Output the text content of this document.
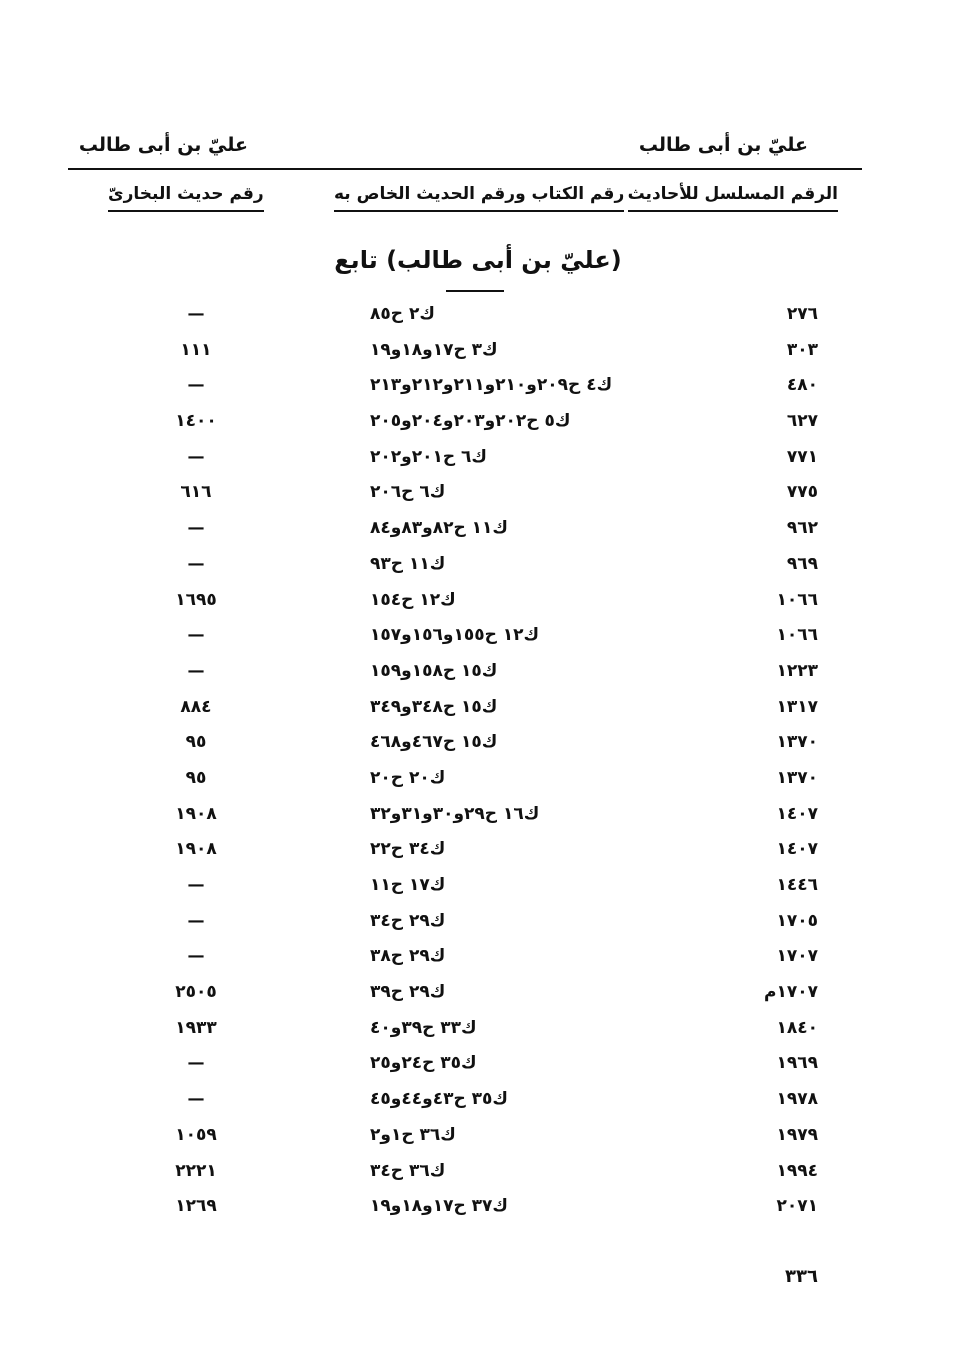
عليّ بن أبى طالب
عليّ بن أبى طالب
الرقم المسلسل للأحاديث
رقم الكتاب ورقم الحديث الخاص به
رقم حديث البخارىّ
(عليّ بن أبى طالب) تابع
٢٧٦
ك٢ ح٨٥
—
٣٠٣
ك٣ ح١٧و١٨و١٩
١١١
٤٨٠
ك٤ ح٢٠٩و٢١٠و٢١١و٢١٢و٢١٣
—
٦٢٧
ك٥ ح٢٠٢و٢٠٣و٢٠٤و٢٠٥
١٤٠٠
٧٧١
ك٦ ح٢٠١و٢٠٢
—
٧٧٥
ك٦ ح٢٠٦
٦١٦
٩٦٢
ك١١ ح٨٢و٨٣و٨٤
—
٩٦٩
ك١١ ح٩٣
—
١٠٦٦
ك١٢ ح١٥٤
١٦٩٥
١٠٦٦
ك١٢ ح١٥٥و١٥٦و١٥٧
—
١٢٢٣
ك١٥ ح١٥٨و١٥٩
—
١٣١٧
ك١٥ ح٣٤٨و٣٤٩
٨٨٤
١٣٧٠
ك١٥ ح٤٦٧و٤٦٨
٩٥
١٣٧٠
ك٢٠ ح٢٠
٩٥
١٤٠٧
ك١٦ ح٢٩و٣٠و٣١و٣٢
١٩٠٨
١٤٠٧
ك٣٤ ح٢٢
١٩٠٨
١٤٤٦
ك١٧ ح١١
—
١٧٠٥
ك٢٩ ح٣٤
—
١٧٠٧
ك٢٩ ح٣٨
—
١٧٠٧م
ك٢٩ ح٣٩
٢٥٠٥
١٨٤٠
ك٣٣ ح٣٩و٤٠
١٩٣٣
١٩٦٩
ك٣٥ ح٢٤و٢٥
—
١٩٧٨
ك٣٥ ح٤٣و٤٤و٤٥
—
١٩٧٩
ك٣٦ ح١و٢
١٠٥٩
١٩٩٤
ك٣٦ ح٣٤
٢٢٢١
٢٠٧١
ك٣٧ ح١٧و١٨و١٩
١٢٦٩
٣٣٦
